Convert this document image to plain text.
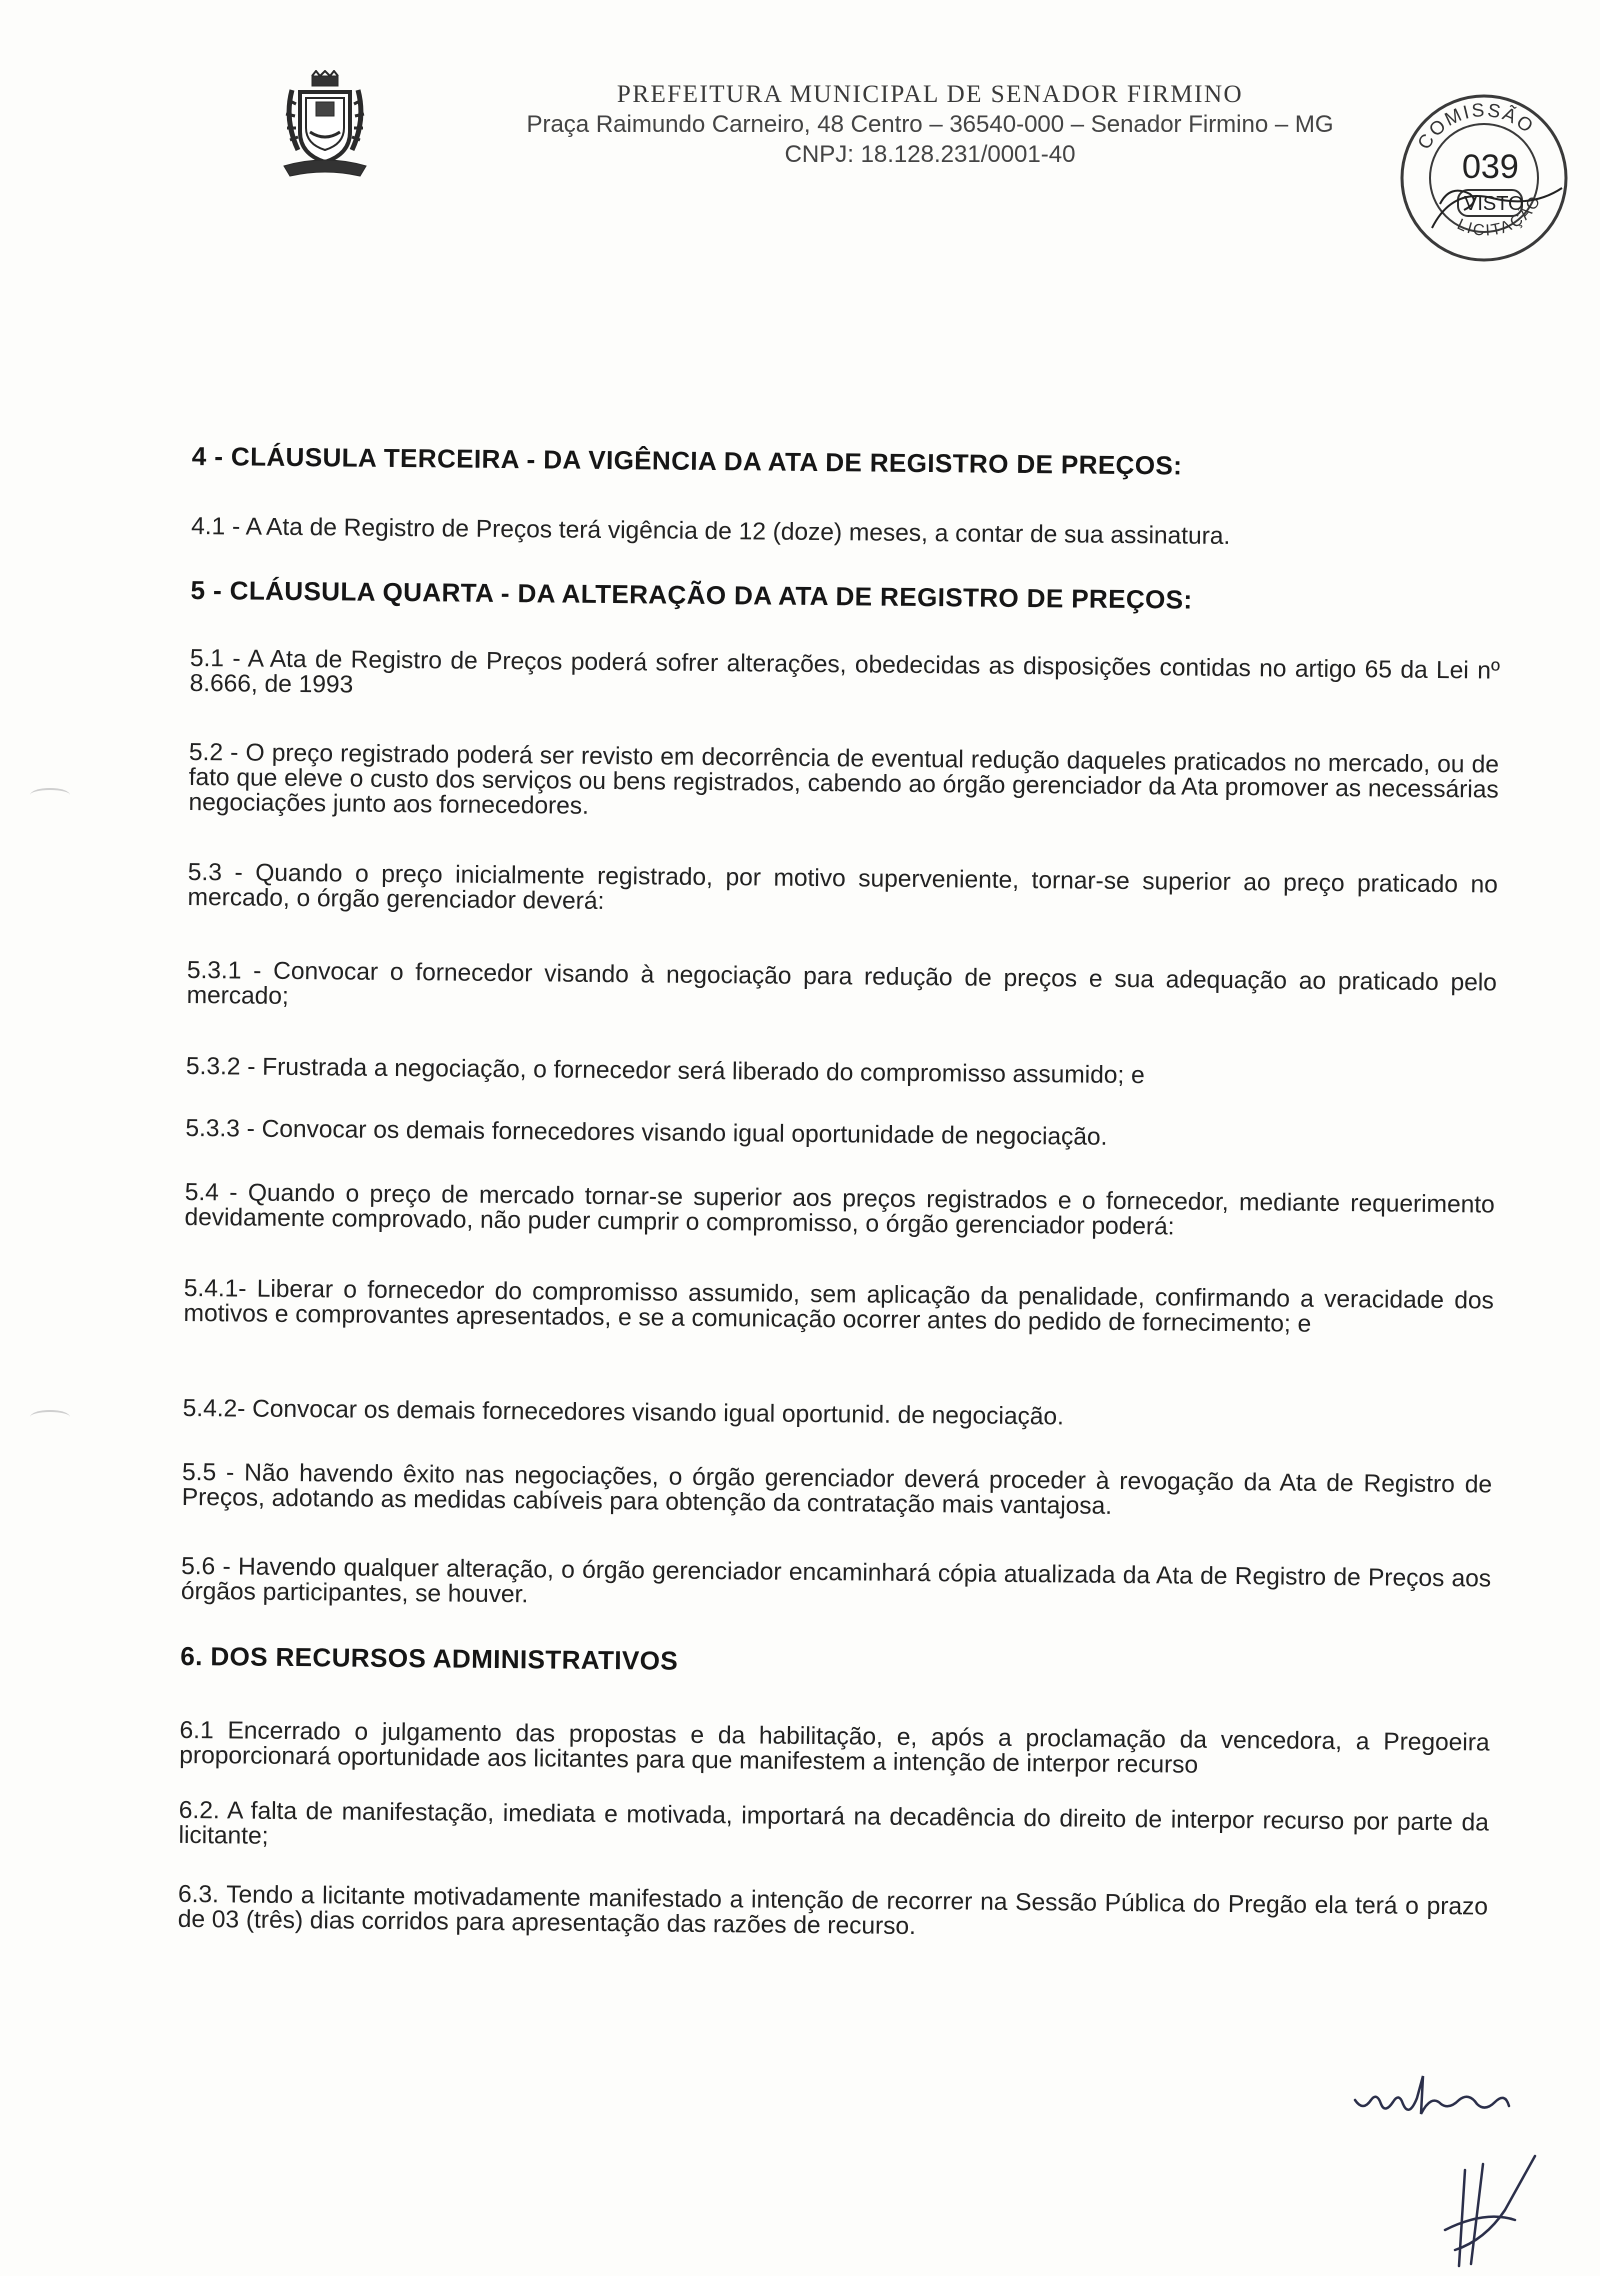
PREFEITURA MUNICIPAL DE SENADOR FIRMINO
Praça Raimundo Carneiro, 48 Centro – 36540-000 – Senador Firmino – MG
CNPJ: 18.128.231/0001-40	COMISSÃO
039
VISTO
LICITAÇÃO

4 - CLÁUSULA TERCEIRA - DA VIGÊNCIA DA ATA DE REGISTRO DE PREÇOS:

4.1 - A Ata de Registro de Preços terá vigência de 12 (doze) meses, a contar de sua assinatura.

5 - CLÁUSULA QUARTA - DA ALTERAÇÃO DA ATA DE REGISTRO DE PREÇOS:

5.1 - A Ata de Registro de Preços poderá sofrer alterações, obedecidas as disposições contidas no artigo 65 da Lei nº 8.666, de 1993

5.2 - O preço registrado poderá ser revisto em decorrência de eventual redução daqueles praticados no mercado, ou de fato que eleve o custo dos serviços ou bens registrados, cabendo ao órgão gerenciador da Ata promover as necessárias negociações junto aos fornecedores.

5.3 - Quando o preço inicialmente registrado, por motivo superveniente, tornar-se superior ao preço praticado no mercado, o órgão gerenciador deverá:

5.3.1 - Convocar o fornecedor visando à negociação para redução de preços e sua adequação ao praticado pelo mercado;

5.3.2 - Frustrada a negociação, o fornecedor será liberado do compromisso assumido; e

5.3.3 - Convocar os demais fornecedores visando igual oportunidade de negociação.

5.4 - Quando o preço de mercado tornar-se superior aos preços registrados e o fornecedor, mediante requerimento devidamente comprovado, não puder cumprir o compromisso, o órgão gerenciador poderá:

5.4.1- Liberar o fornecedor do compromisso assumido, sem aplicação da penalidade, confirmando a veracidade dos motivos e comprovantes apresentados, e se a comunicação ocorrer antes do pedido de fornecimento; e

5.4.2- Convocar os demais fornecedores visando igual oportunid. de negociação.

5.5 - Não havendo êxito nas negociações, o órgão gerenciador deverá proceder à revogação da Ata de Registro de Preços, adotando as medidas cabíveis para obtenção da contratação mais vantajosa.

5.6 - Havendo qualquer alteração, o órgão gerenciador encaminhará cópia atualizada da Ata de Registro de Preços aos órgãos participantes, se houver.

6. DOS RECURSOS ADMINISTRATIVOS

6.1 Encerrado o julgamento das propostas e da habilitação, e, após a proclamação da vencedora, a Pregoeira proporcionará oportunidade aos licitantes para que manifestem a intenção de interpor recurso

6.2. A falta de manifestação, imediata e motivada, importará na decadência do direito de interpor recurso por parte da licitante;

6.3. Tendo a licitante motivadamente manifestado a intenção de recorrer na Sessão Pública do Pregão ela terá o prazo de 03 (três) dias corridos para apresentação das razões de recurso.
